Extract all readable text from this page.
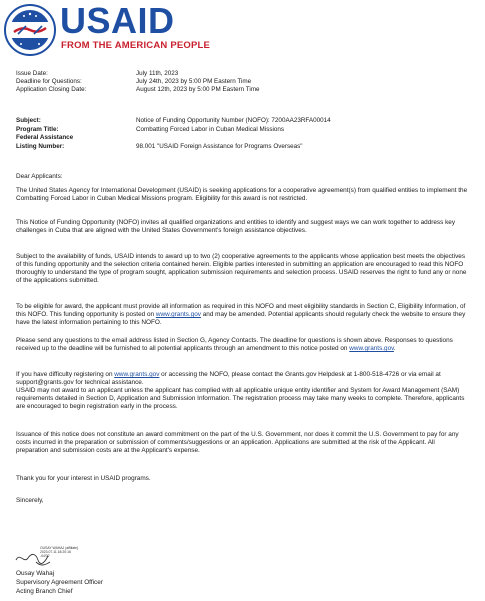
USAID
FROM THE AMERICAN PEOPLE
Issue Date:	July 11th, 2023
Deadline for Questions:	July 24th, 2023 by 5:00 PM Eastern Time
Application Closing Date:	August 12th, 2023 by 5:00 PM Eastern Time
Subject:	Notice of Funding Opportunity Number (NOFO): 7200AA23RFA00014
Program Title:	Combatting Forced Labor in Cuban Medical Missions
Federal Assistance
Listing Number:	98.001 "USAID Foreign Assistance for Programs Overseas"

Dear Applicants:

The United States Agency for International Development (USAID) is seeking applications for a cooperative agreement(s) from qualified entities to implement the Combatting Forced Labor in Cuban Medical Missions program. Eligibility for this award is not restricted.

This Notice of Funding Opportunity (NOFO) invites all qualified organizations and entities to identify and suggest ways we can work together to address key challenges in Cuba that are aligned with the United States Government's foreign assistance objectives.

Subject to the availability of funds, USAID intends to award up to two (2) cooperative agreements to the applicants whose application best meets the objectives of this funding opportunity and the selection criteria contained herein. Eligible parties interested in submitting an application are encouraged to read this NOFO thoroughly to understand the type of program sought, application submission requirements and selection process. USAID reserves the right to fund any or none of the applications submitted.

To be eligible for award, the applicant must provide all information as required in this NOFO and meet eligibility standards in Section C, Eligibility Information, of this NOFO. This funding opportunity is posted on www.grants.gov and may be amended. Potential applicants should regularly check the website to ensure they have the latest information pertaining to this NOFO.

Please send any questions to the email address listed in Section G, Agency Contacts. The deadline for questions is shown above. Responses to questions received up to the deadline will be furnished to all potential applicants through an amendment to this notice posted on www.grants.gov.

If you have difficulty registering on www.grants.gov or accessing the NOFO, please contact the Grants.gov Helpdesk at 1-800-518-4726 or via email at support@grants.gov for technical assistance.
USAID may not award to an applicant unless the applicant has complied with all applicable unique entity identifier and System for Award Management (SAM) requirements detailed in Section D, Application and Submission Information. The registration process may take many weeks to complete. Therefore, applicants are encouraged to begin registration early in the process.

Issuance of this notice does not constitute an award commitment on the part of the U.S. Government, nor does it commit the U.S. Government to pay for any costs incurred in the preparation or submission of comments/suggestions or an application. Applications are submitted at the risk of the Applicant. All preparation and submission costs are at the Applicant's expense.

Thank you for your interest in USAID programs.

Sincerely,

OUSAY WAHAJ (affiliate)
2023.07.11 18:20:16
-04'00'

Ousay Wahaj

Supervisory Agreement Officer

Acting Branch Chief
